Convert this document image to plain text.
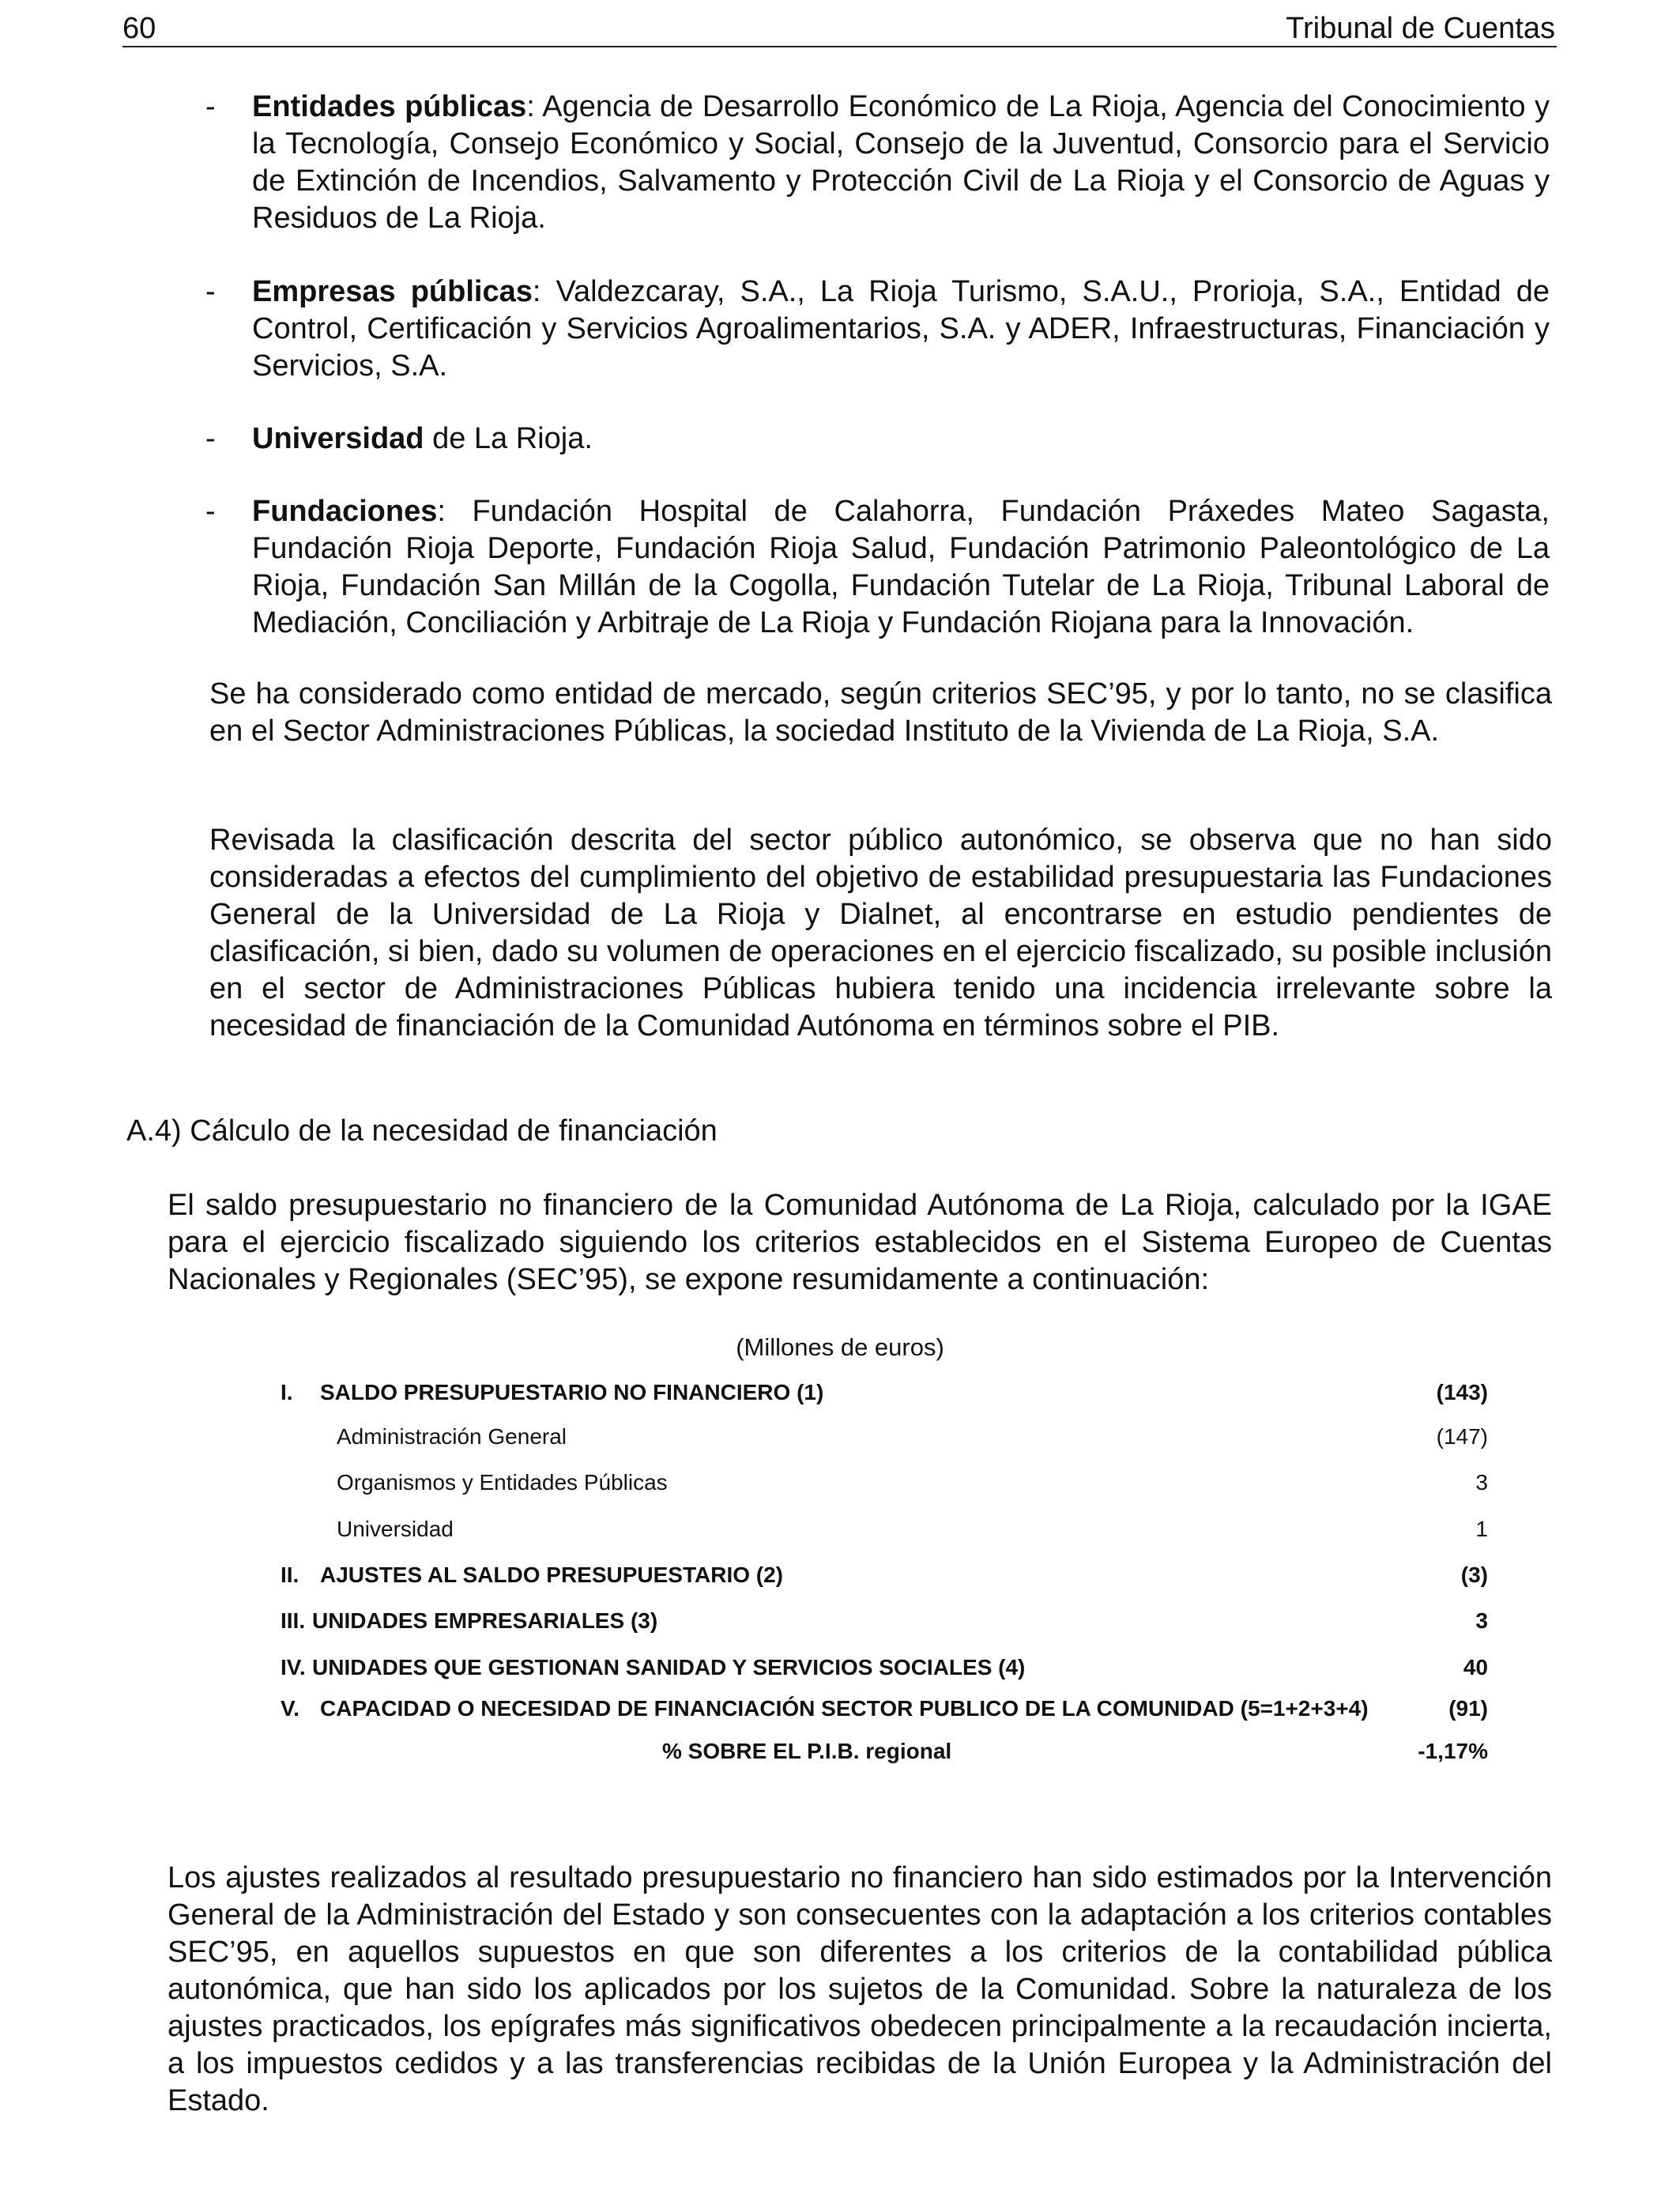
60	Tribunal de Cuentas
-	Entidades públicas: Agencia de Desarrollo Económico de La Rioja, Agencia del Conocimiento y la Tecnología, Consejo Económico y Social, Consejo de la Juventud, Consorcio para el Servicio de Extinción de Incendios, Salvamento y Protección Civil de La Rioja y el Consorcio de Aguas y Residuos de La Rioja.
-	Empresas públicas: Valdezcaray, S.A., La Rioja Turismo, S.A.U., Prorioja, S.A., Entidad de Control, Certificación y Servicios Agroalimentarios, S.A. y ADER, Infraestructuras, Financiación y Servicios, S.A.
-	Universidad de La Rioja.
-	Fundaciones: Fundación Hospital de Calahorra, Fundación Práxedes Mateo Sagasta, Fundación Rioja Deporte, Fundación Rioja Salud, Fundación Patrimonio Paleontológico de La Rioja, Fundación San Millán de la Cogolla, Fundación Tutelar de La Rioja, Tribunal Laboral de Mediación, Conciliación y Arbitraje de La Rioja y Fundación Riojana para la Innovación.

Se ha considerado como entidad de mercado, según criterios SEC’95, y por lo tanto, no se clasifica en el Sector Administraciones Públicas, la sociedad Instituto de la Vivienda de La Rioja, S.A.

Revisada la clasificación descrita del sector público autonómico, se observa que no han sido consideradas a efectos del cumplimiento del objetivo de estabilidad presupuestaria las Fundaciones General de la Universidad de La Rioja y Dialnet, al encontrarse en estudio pendientes de clasificación, si bien, dado su volumen de operaciones en el ejercicio fiscalizado, su posible inclusión en el sector de Administraciones Públicas hubiera tenido una incidencia irrelevante sobre la necesidad de financiación de la Comunidad Autónoma en términos sobre el PIB.

A.4) Cálculo de la necesidad de financiación

El saldo presupuestario no financiero de la Comunidad Autónoma de La Rioja, calculado por la IGAE para el ejercicio fiscalizado siguiendo los criterios establecidos en el Sistema Europeo de Cuentas Nacionales y Regionales (SEC’95), se expone resumidamente a continuación:

(Millones de euros)
I. SALDO PRESUPUESTARIO NO FINANCIERO (1)	(143)
Administración General	(147)
Organismos y Entidades Públicas	3
Universidad	1
II. AJUSTES AL SALDO PRESUPUESTARIO (2)	(3)
III. UNIDADES EMPRESARIALES (3)	3
IV. UNIDADES QUE GESTIONAN SANIDAD Y SERVICIOS SOCIALES (4)	40
V. CAPACIDAD O NECESIDAD DE FINANCIACIÓN SECTOR PUBLICO DE LA COMUNIDAD (5=1+2+3+4)	(91)
% SOBRE EL P.I.B. regional	-1,17%

Los ajustes realizados al resultado presupuestario no financiero han sido estimados por la Intervención General de la Administración del Estado y son consecuentes con la adaptación a los criterios contables SEC’95, en aquellos supuestos en que son diferentes a los criterios de la contabilidad pública autonómica, que han sido los aplicados por los sujetos de la Comunidad. Sobre la naturaleza de los ajustes practicados, los epígrafes más significativos obedecen principalmente a la recaudación incierta, a los impuestos cedidos y a las transferencias recibidas de la Unión Europea y la Administración del Estado.
